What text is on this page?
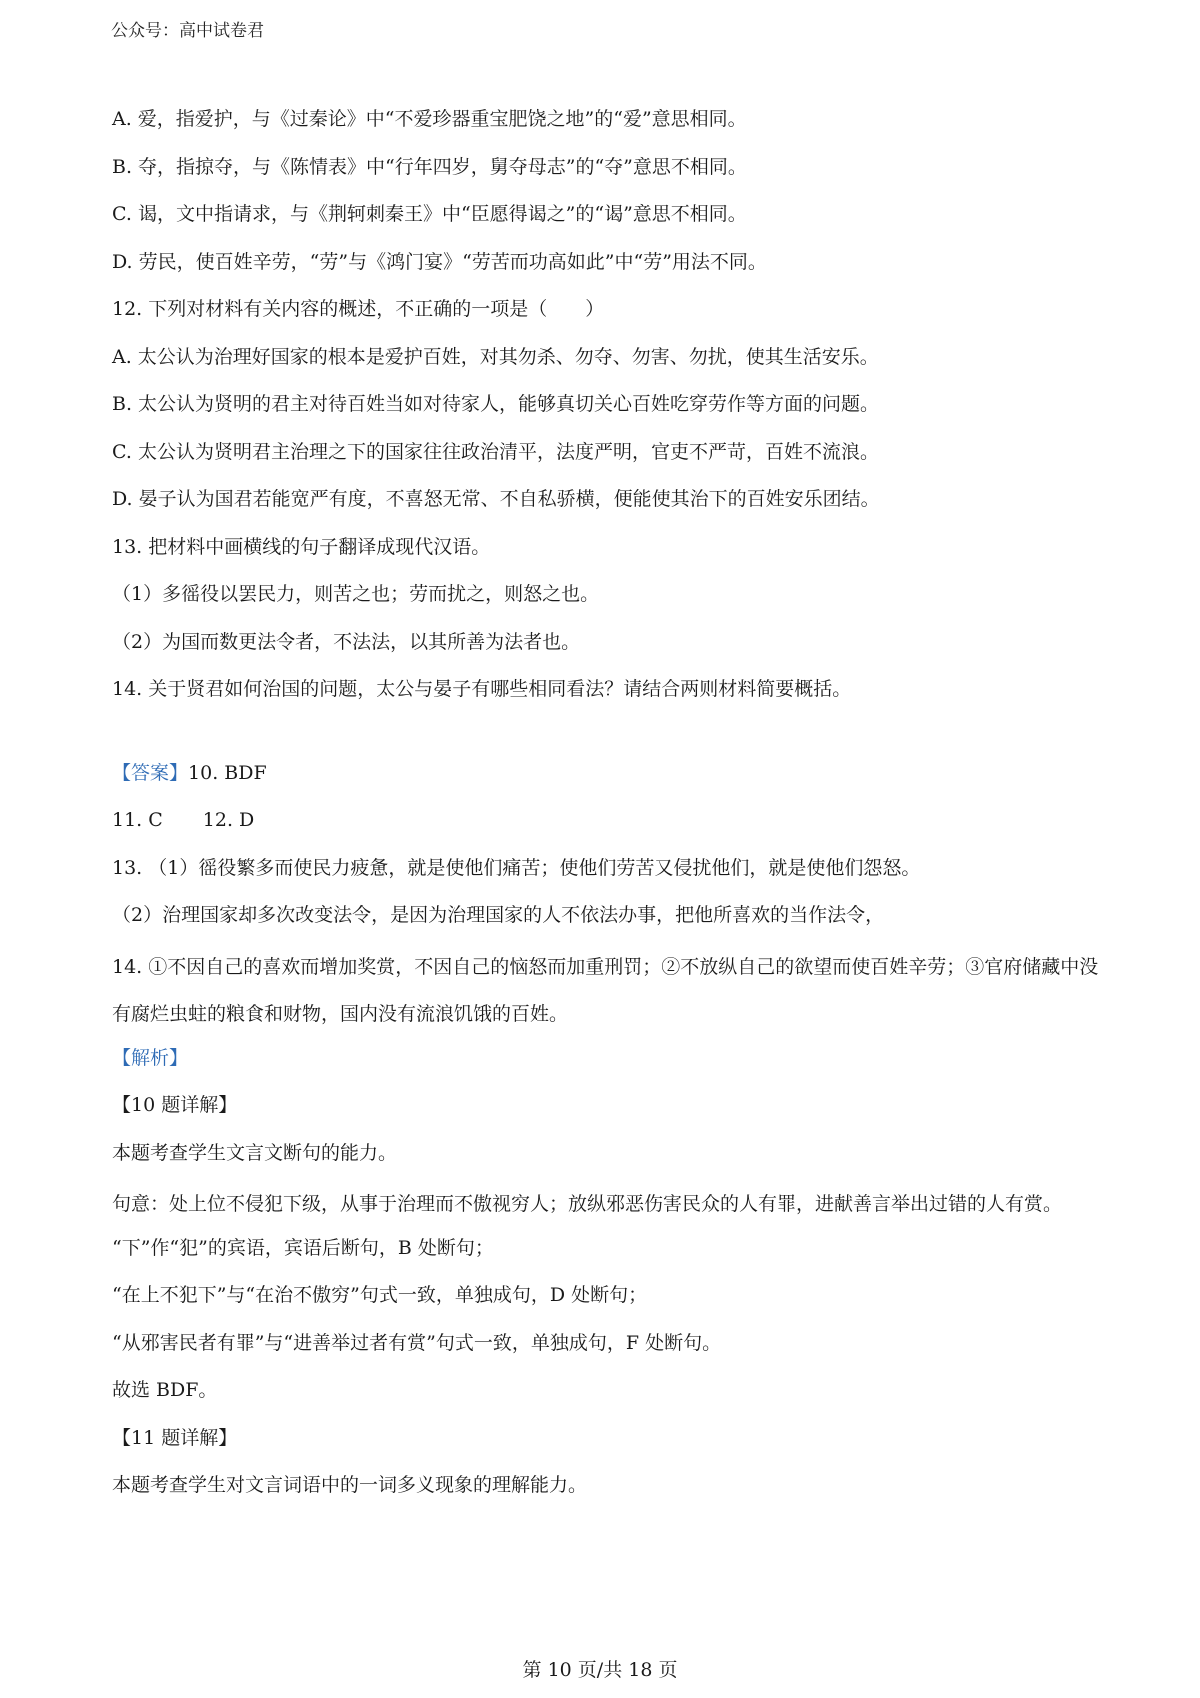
公众号：高中试卷君
A. 爱，指爱护，与《过秦论》中“不爱珍器重宝肥饶之地”的“爱”意思相同。
B. 夺，指掠夺，与《陈情表》中“行年四岁，舅夺母志”的“夺”意思不相同。
C. 谒，文中指请求，与《荆轲刺秦王》中“臣愿得谒之”的“谒”意思不相同。
D. 劳民，使百姓辛劳，“劳”与《鸿门宴》“劳苦而功高如此”中“劳”用法不同。
12. 下列对材料有关内容的概述，不正确的一项是（　　）
A. 太公认为治理好国家的根本是爱护百姓，对其勿杀、勿夺、勿害、勿扰，使其生活安乐。
B. 太公认为贤明的君主对待百姓当如对待家人，能够真切关心百姓吃穿劳作等方面的问题。
C. 太公认为贤明君主治理之下的国家往往政治清平，法度严明，官吏不严苛，百姓不流浪。
D. 晏子认为国君若能宽严有度，不喜怒无常、不自私骄横，便能使其治下的百姓安乐团结。
13. 把材料中画横线的句子翻译成现代汉语。
（1）多徭役以罢民力，则苦之也；劳而扰之，则怒之也。
（2）为国而数更法令者，不法法，以其所善为法者也。
14. 关于贤君如何治国的问题，太公与晏子有哪些相同看法？请结合两则材料简要概括。
【答案】10. BDF
11. C 12. D
13. （1）徭役繁多而使民力疲惫，就是使他们痛苦；使他们劳苦又侵扰他们，就是使他们怨怒。
（2）治理国家却多次改变法令，是因为治理国家的人不依法办事，把他所喜欢的当作法令，
14. ①不因自己的喜欢而增加奖赏，不因自己的恼怒而加重刑罚；②不放纵自己的欲望而使百姓辛劳；③官府储藏中没有腐烂虫蛀的粮食和财物，国内没有流浪饥饿的百姓。
【解析】
【10 题详解】
本题考查学生文言文断句的能力。
句意：处上位不侵犯下级，从事于治理而不傲视穷人；放纵邪恶伤害民众的人有罪，进献善言举出过错的人有赏。
“下”作“犯”的宾语，宾语后断句，B 处断句；
“在上不犯下”与“在治不傲穷”句式一致，单独成句，D 处断句；
“从邪害民者有罪”与“进善举过者有赏”句式一致，单独成句，F 处断句。
故选 BDF。
【11 题详解】
本题考查学生对文言词语中的一词多义现象的理解能力。
第 10 页/共 18 页
